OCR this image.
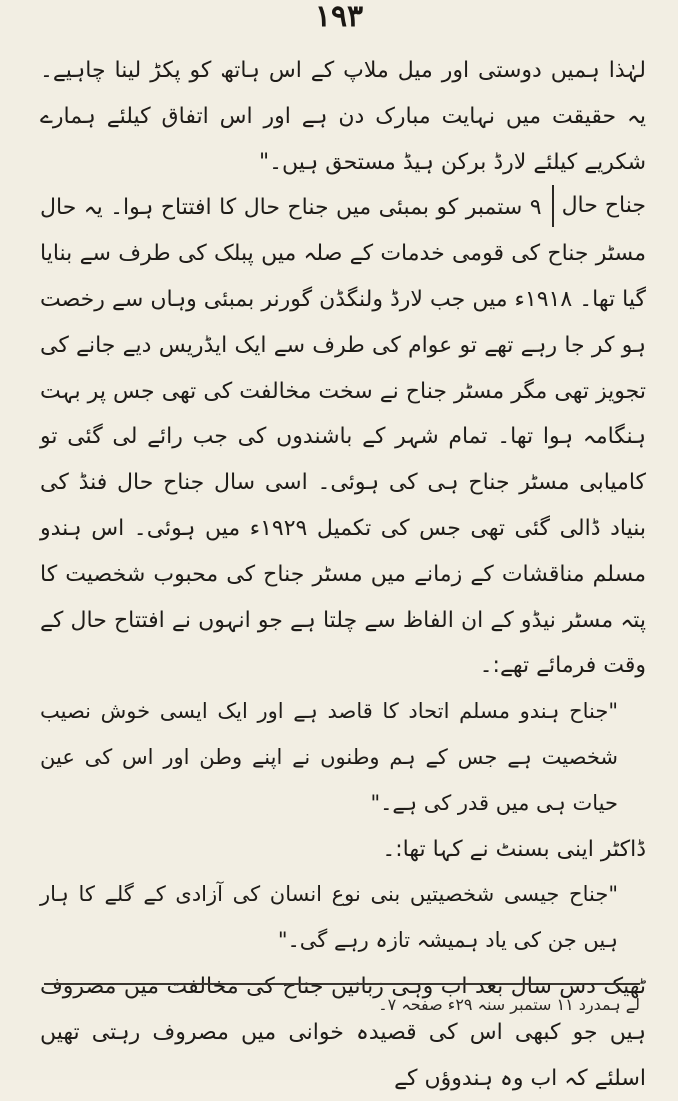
۱۹۳

لہٰذا ہمیں دوستی اور میل ملاپ کے اس ہاتھ کو پکڑ لینا چاہیے۔ یہ حقیقت میں نہایت مبارک دن ہے اور اس اتفاق کیلئے ہمارے شکریے کیلئے لارڈ برکن ہیڈ مستحق ہیں۔"

جناح حال
۹ ستمبر کو بمبئی میں جناح حال کا افتتاح ہوا۔ یہ حال مسٹر جناح کی قومی خدمات کے صلہ میں پبلک کی طرف سے بنایا گیا تھا۔ ۱۹۱۸ء میں جب لارڈ ولنگڈن گورنر بمبئی وہاں سے رخصت ہو کر جا رہے تھے تو عوام کی طرف سے ایک ایڈریس دیے جانے کی تجویز تھی مگر مسٹر جناح نے سخت مخالفت کی تھی جس پر بہت ہنگامہ ہوا تھا۔ تمام شہر کے باشندوں کی جب رائے لی گئی تو کامیابی مسٹر جناح ہی کی ہوئی۔ اسی سال جناح حال فنڈ کی بنیاد ڈالی گئی تھی جس کی تکمیل ۱۹۲۹ء میں ہوئی۔ اس ہندو مسلم مناقشات کے زمانے میں مسٹر جناح کی محبوب شخصیت کا پتہ مسٹر نیڈو کے ان الفاظ سے چلتا ہے جو انہوں نے افتتاح حال کے وقت فرمائے تھے:۔

"جناح ہندو مسلم اتحاد کا قاصد ہے اور ایک ایسی خوش نصیب شخصیت ہے جس کے ہم وطنوں نے اپنے وطن اور اس کی عین حیات ہی میں قدر کی ہے۔"

ڈاکٹر اینی بسنٹ نے کہا تھا:۔

"جناح جیسی شخصیتیں بنی نوع انسان کی آزادی کے گلے کا ہار ہیں جن کی یاد ہمیشہ تازہ رہے گی۔"

ٹھیک دس سال بعد اب وہی زبانیں جناح کی مخالفت میں مصروف ہیں جو کبھی اس کی قصیدہ خوانی میں مصروف رہتی تھیں اسلئے کہ اب وہ ہندوؤں کے

لے ہمدرد ۱۱ ستمبر سنہ ۲۹ء صفحہ ۷۔
